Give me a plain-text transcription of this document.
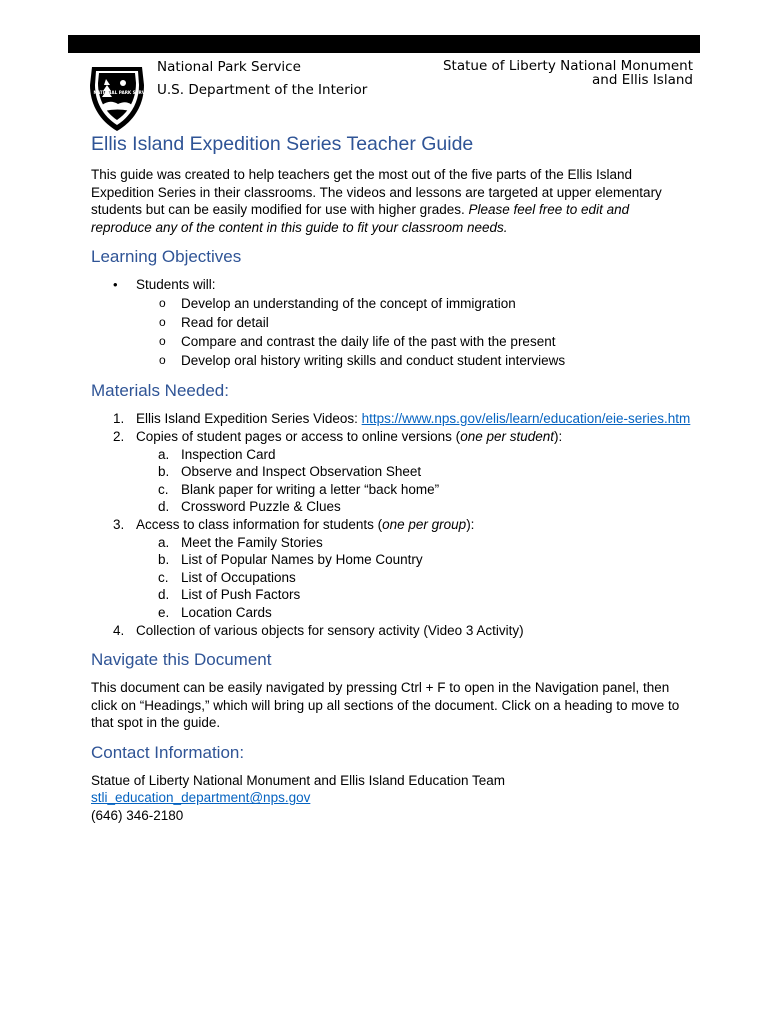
NATIONAL PARK SERVICE
National Park Service
U.S. Department of the Interior
Statue of Liberty National Monument
and Ellis Island
Ellis Island Expedition Series Teacher Guide

This guide was created to help teachers get the most out of the five parts of the Ellis Island Expedition Series in their classrooms. The videos and lessons are targeted at upper elementary students but can be easily modified for use with higher grades. Please feel free to edit and reproduce any of the content in this guide to fit your classroom needs.

Learning Objectives
• Students will:
o Develop an understanding of the concept of immigration
o Read for detail
o Compare and contrast the daily life of the past with the present
o Develop oral history writing skills and conduct student interviews
Materials Needed:
1. Ellis Island Expedition Series Videos: https://www.nps.gov/elis/learn/education/eie-series.htm
2. Copies of student pages or access to online versions (one per student):
a. Inspection Card
b. Observe and Inspect Observation Sheet
c. Blank paper for writing a letter “back home”
d. Crossword Puzzle & Clues
3. Access to class information for students (one per group):
a. Meet the Family Stories
b. List of Popular Names by Home Country
c. List of Occupations
d. List of Push Factors
e. Location Cards
4. Collection of various objects for sensory activity (Video 3 Activity)
Navigate this Document

This document can be easily navigated by pressing Ctrl + F to open in the Navigation panel, then click on “Headings,” which will bring up all sections of the document. Click on a heading to move to that spot in the guide.

Contact Information:

Statue of Liberty National Monument and Ellis Island Education Team

stli_education_department@nps.gov

(646) 346-2180
